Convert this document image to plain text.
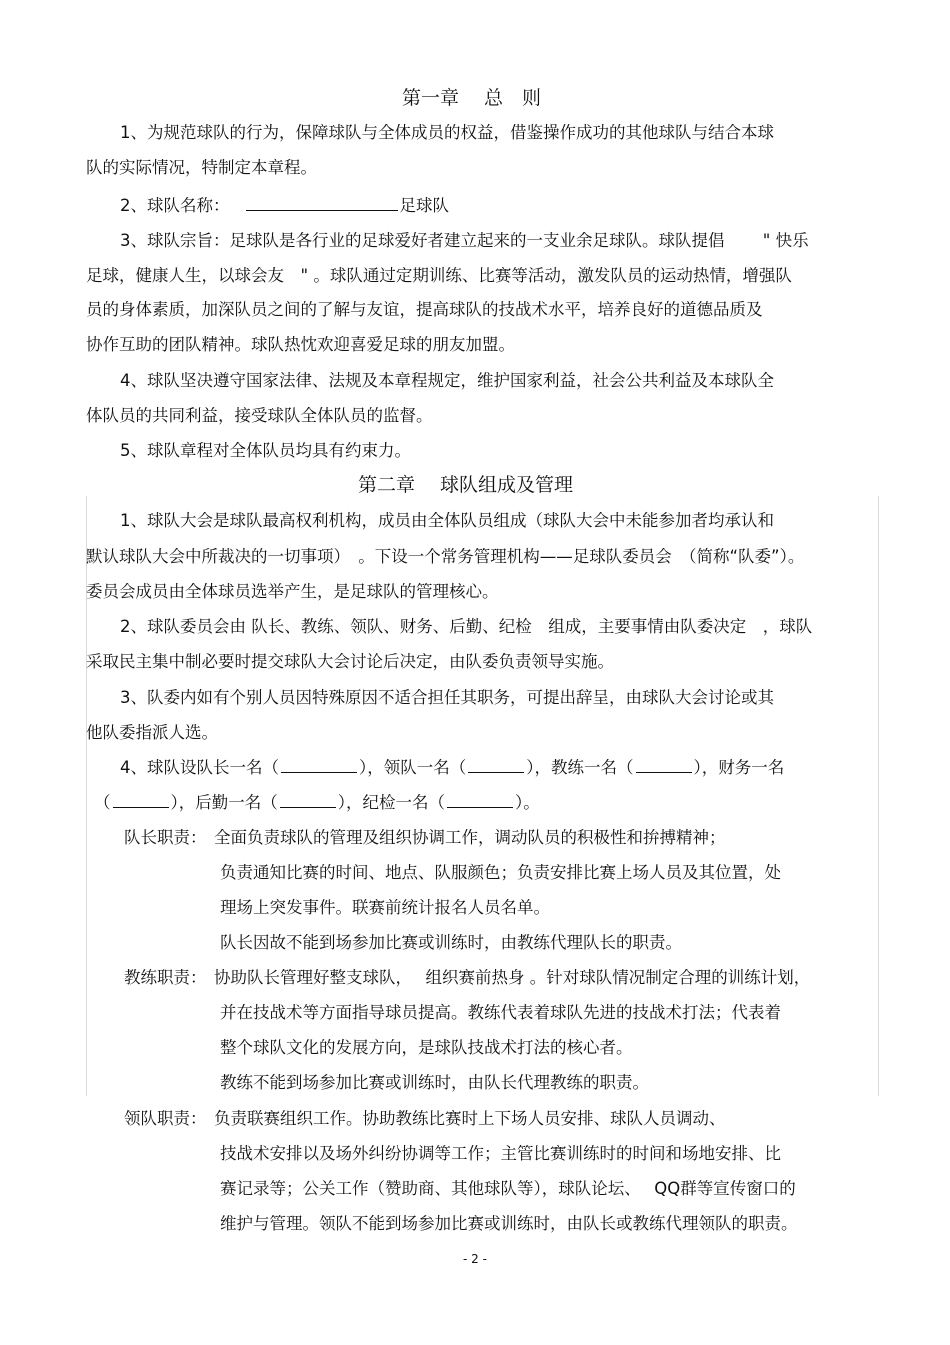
第一章　 总　则
1、为规范球队的行为，保障球队与全体成员的权益，借鉴操作成功的其他球队与结合本球
队的实际情况，特制定本章程。
2、球队名称：	足球队
3、球队宗旨：足球队是各行业的足球爱好者建立起来的一支业余足球队。球队提倡　　 " 快乐
足球，健康人生，以球会友　" 。球队通过定期训练、比赛等活动，激发队员的运动热情，增强队
员的身体素质，加深队员之间的了解与友谊，提高球队的技战术水平，培养良好的道德品质及
协作互助的团队精神。球队热忱欢迎喜爱足球的朋友加盟。
4、球队坚决遵守国家法律、法规及本章程规定，维护国家利益，社会公共利益及本球队全
体队员的共同利益，接受球队全体队员的监督。
5、球队章程对全体队员均具有约束力。
第二章　 球队组成及管理
1、球队大会是球队最高权利机构，成员由全体队员组成（球队大会中未能参加者均承认和
默认球队大会中所裁决的一切事项）　。下设一个常务管理机构——足球队委员会　（简称“队委”）。
委员会成员由全体球员选举产生，是足球队的管理核心。
2、球队委员会由 队长、教练、领队、财务、后勤、纪检　组成，主要事情由队委决定　，球队
采取民主集中制必要时提交球队大会讨论后决定，由队委负责领导实施。
3、队委内如有个别人员因特殊原因不适合担任其职务，可提出辞呈，由球队大会讨论或其
他队委指派人选。
4、球队设队长一名（	），领队一名（	），教练一名（	），财务一名
（	），后勤一名（	），纪检一名（	）。
队长职责： 全面负责球队的管理及组织协调工作，调动队员的积极性和拚搏精神；
负责通知比赛的时间、地点、队服颜色；负责安排比赛上场人员及其位置，处
理场上突发事件。联赛前统计报名人员名单。
队长因故不能到场参加比赛或训练时，由教练代理队长的职责。
教练职责： 协助队长管理好整支球队，　 组织赛前热身 。针对球队情况制定合理的训练计划，
并在技战术等方面指导球员提高。教练代表着球队先进的技战术打法；代表着
整个球队文化的发展方向，是球队技战术打法的核心者。
教练不能到场参加比赛或训练时，由队长代理教练的职责。
领队职责： 负责联赛组织工作。协助教练比赛时上下场人员安排、球队人员调动、
技战术安排以及场外纠纷协调等工作；主管比赛训练时的时间和场地安排、比
赛记录等；公关工作（赞助商、其他球队等），球队论坛、　 QQ群等宣传窗口的
维护与管理。领队不能到场参加比赛或训练时，由队长或教练代理领队的职责。
- 2 -
